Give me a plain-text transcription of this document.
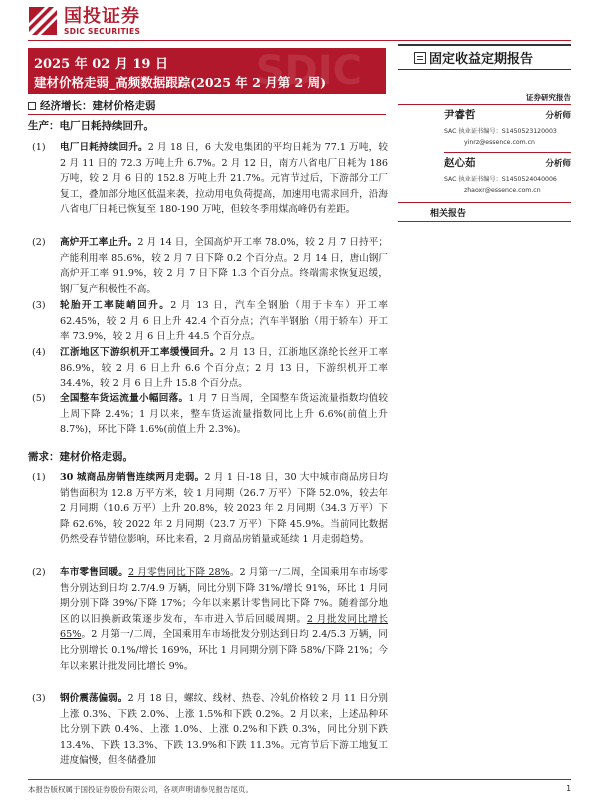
国投证券
SDIC SECURITIES
SDIC
2025 年 02 月 19 日
建材价格走弱_高频数据跟踪(2025 年 2 月第 2 周)
经济增长： 建材价格走弱
生产：电厂日耗持续回升。
(1) 电厂日耗持续回升。2 月 18 日，6 大发电集团的平均日耗为 77.1 万吨，较 2 月 11 日的 72.3 万吨上升 6.7%。2 月 12 日，南方八省电厂日耗为 186 万吨，较 2 月 6 日的 152.8 万吨上升 21.7%。元宵节过后，下游部分工厂复工，叠加部分地区低温来袭，拉动用电负荷提高，加速用电需求回升，沿海八省电厂日耗已恢复至 180-190 万吨，但较冬季用煤高峰仍有差距。
(2) 高炉开工率止升。2 月 14 日，全国高炉开工率 78.0%，较 2 月 7 日持平；产能利用率 85.6%，较 2 月 7 日下降 0.2 个百分点。2 月 14 日，唐山钢厂高炉开工率 91.9%，较 2 月 7 日下降 1.3 个百分点。终端需求恢复迟缓，钢厂复产积极性不高。
(3) 轮胎开工率陡峭回升。2 月 13 日，汽车全钢胎（用于卡车）开工率 62.45%，较 2 月 6 日上升 42.4 个百分点；汽车半钢胎（用于轿车）开工率 73.9%，较 2 月 6 日上升 44.5 个百分点。
(4) 江浙地区下游织机开工率缓慢回升。2 月 13 日，江浙地区涤纶长丝开工率 86.9%，较 2 月 6 日上升 6.6 个百分点；2 月 13 日，下游织机开工率 34.4%，较 2 月 6 日上升 15.8 个百分点。
(5) 全国整车货运流量小幅回落。1 月 7 日当周，全国整车货运流量指数均值较上周下降 2.4%；1 月以来，整车货运流量指数同比上升 6.6%(前值上升 8.7%)，环比下降 1.6%(前值上升 2.3%)。
需求：建材价格走弱。
(1) 30 城商品房销售连续两月走弱。2 月 1 日-18 日，30 大中城市商品房日均销售面积为 12.8 万平方米，较 1 月同期（26.7 万平）下降 52.0%，较去年 2 月同期（10.6 万平）上升 20.8%，较 2023 年 2 月同期（34.3 万平）下降 62.6%，较 2022 年 2 月同期（23.7 万平）下降 45.9%。当前同比数据仍然受春节错位影响，环比来看，2 月商品房销量或延续 1 月走弱趋势。
(2) 车市零售回暖。2 月零售同比下降 28%。2 月第一/二周，全国乘用车市场零售分别达到日均 2.7/4.9 万辆，同比分别下降 31%/增长 91%，环比 1 月同期分别下降 39%/下降 17%；今年以来累计零售同比下降 7%。随着部分地区的以旧换新政策逐步发布，车市进入节后回暖周期。2 月批发同比增长 65%。2 月第一/二周，全国乘用车市场批发分别达到日均 2.4/5.3 万辆，同比分别增长 0.1%/增长 169%，环比 1 月同期分别下降 58%/下降 21%；今年以来累计批发同比增长 9%。
(3) 钢价震荡偏弱。2 月 18 日，螺纹、线材、热卷、冷轧价格较 2 月 11 日分别上涨 0.3%、下跌 2.0%、上涨 1.5%和下跌 0.2%。2 月以来，上述品种环比分别下跌 0.4%、上涨 1.0%、上涨 0.2%和下跌 0.3%，同比分别下跌 13.4%、下跌 13.3%、下跌 13.9%和下跌 11.3%。元宵节后下游工地复工进度偏慢，但冬储叠加
固定收益定期报告
证券研究报告
尹睿哲	分析师
SAC 执业证书编号：S1450523120003
yinrz@essence.com.cn
赵心茹	分析师
SAC 执业证书编号：S1450524040006
zhaoxr@essence.com.cn
相关报告
本报告版权属于国投证券股份有限公司，各项声明请参见报告尾页。	1
